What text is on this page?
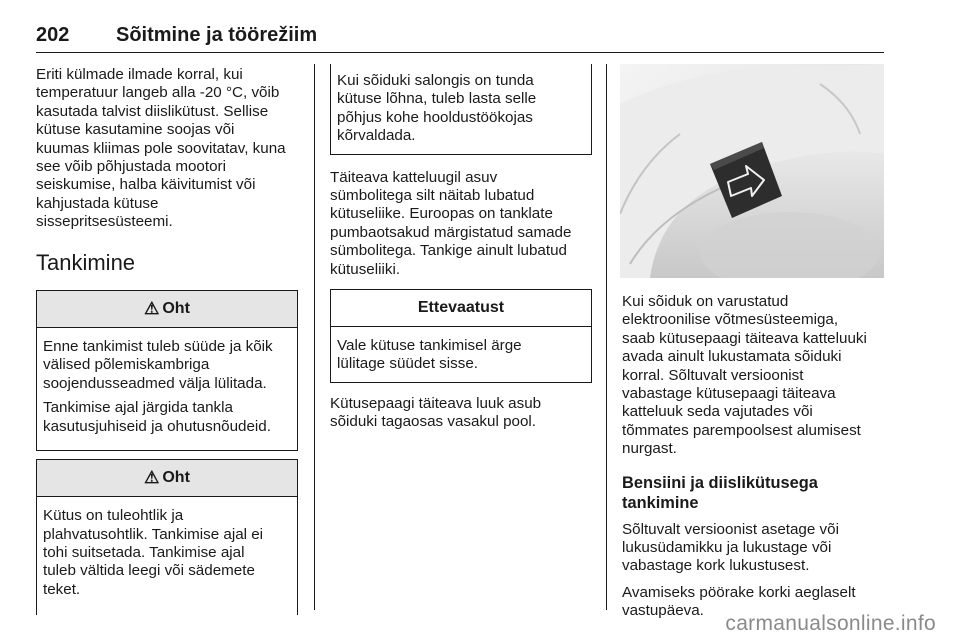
202 Sõitmine ja töörežiim

Eriti külmade ilmade korral, kui
temperatuur langeb alla -20 °C, võib
kasutada talvist diislikütust. Sellise
kütuse kasutamine soojas või
kuumas kliimas pole soovitatav, kuna
see võib põhjustada mootori
seiskumise, halba käivitumist või
kahjustada kütuse
sissepritsesüsteemi.

Tankimine
⚠ Oht

Enne tankimist tuleb süüde ja kõik
välised põlemiskambriga
soojendusseadmed välja lülitada.

Tankimise ajal järgida tankla
kasutusjuhiseid ja ohutusnõudeid.

⚠ Oht

Kütus on tuleohtlik ja
plahvatusohtlik. Tankimise ajal ei
tohi suitsetada. Tankimise ajal
tuleb vältida leegi või sädemete
teket.

Kui sõiduki salongis on tunda
kütuse lõhna, tuleb lasta selle
põhjus kohe hooldustöökojas
kõrvaldada.

Täiteava katteluugil asuv
sümbolitega silt näitab lubatud
kütuseliike. Euroopas on tanklate
pumbaotsakud märgistatud samade
sümbolitega. Tankige ainult lubatud
kütuseliiki.

Ettevaatust

Vale kütuse tankimisel ärge
lülitage süüdet sisse.

Kütusepaagi täiteava luuk asub
sõiduki tagaosas vasakul pool.

Kui sõiduk on varustatud
elektroonilise võtmesüsteemiga,
saab kütusepaagi täiteava katteluuki
avada ainult lukustamata sõiduki
korral. Sõltuvalt versioonist
vabastage kütusepaagi täiteava
katteluuk seda vajutades või
tõmmates parempoolsest alumisest
nurgast.

Bensiini ja diislikütusega
tankimine

Sõltuvalt versioonist asetage või
lukusüdamikku ja lukustage või
vabastage kork lukustusest.

Avamiseks pöörake korki aeglaselt
vastupäeva.

carmanualsonline.info
